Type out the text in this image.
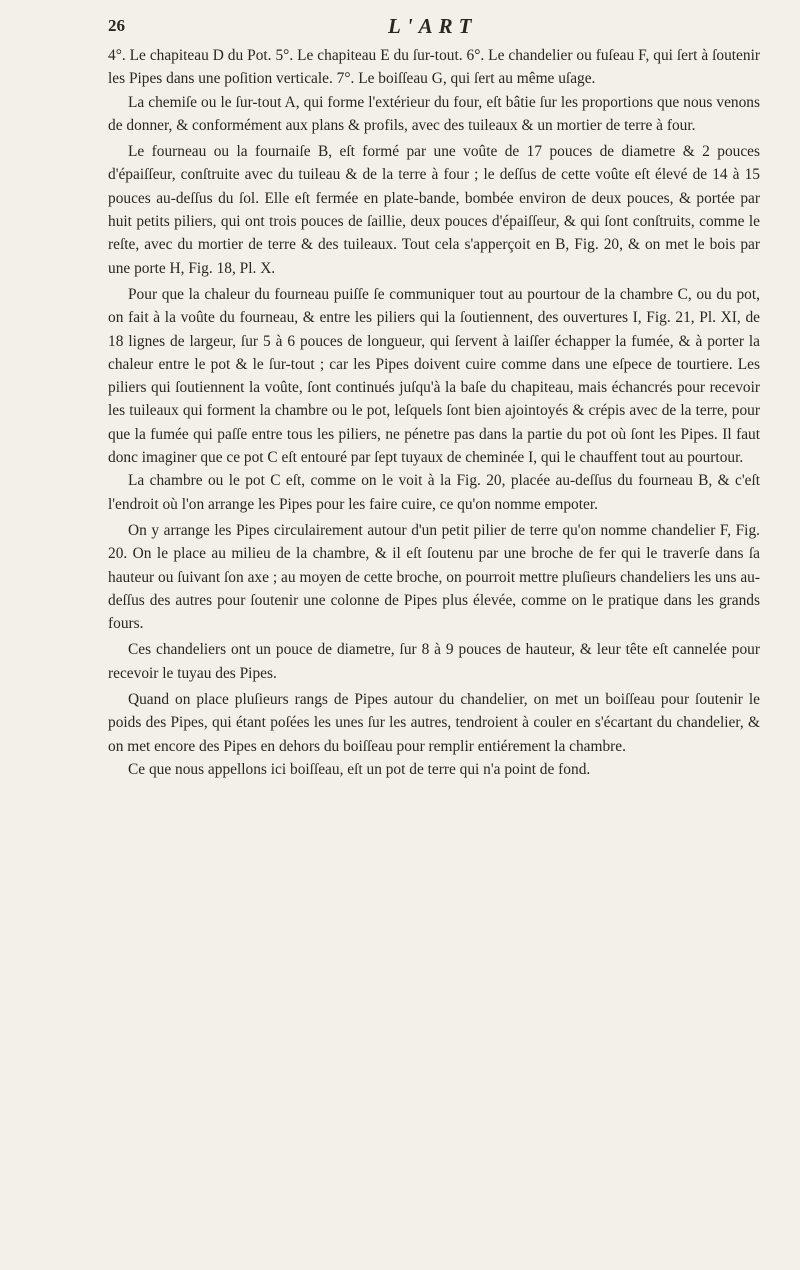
26	L'ART

4°. Le chapiteau D du Pot. 5°. Le chapiteau E du ſur-tout. 6°. Le chandelier ou fuſeau F, qui ſert à ſoutenir les Pipes dans une poſition verticale. 7°. Le boiſſeau G, qui ſert au même uſage.

La chemiſe ou le ſur-tout A, qui forme l'extérieur du four, eſt bâtie ſur les proportions que nous venons de donner, & conformément aux plans & profils, avec des tuileaux & un mortier de terre à four.

Le fourneau ou la fournaiſe B, eſt formé par une voûte de 17 pouces de diametre & 2 pouces d'épaiſſeur, conſtruite avec du tuileau & de la terre à four ; le deſſus de cette voûte eſt élevé de 14 à 15 pouces au-deſſus du ſol. Elle eſt fermée en plate-bande, bombée environ de deux pouces, & portée par huit petits piliers, qui ont trois pouces de ſaillie, deux pouces d'épaiſſeur, & qui ſont conſtruits, comme le reſte, avec du mortier de terre & des tuileaux. Tout cela s'apperçoit en B, Fig. 20, & on met le bois par une porte H, Fig. 18, Pl. X.

Pour que la chaleur du fourneau puiſſe ſe communiquer tout au pourtour de la chambre C, ou du pot, on fait à la voûte du fourneau, & entre les piliers qui la ſoutiennent, des ouvertures I, Fig. 21, Pl. XI, de 18 lignes de largeur, ſur 5 à 6 pouces de longueur, qui ſervent à laiſſer échapper la fumée, & à porter la chaleur entre le pot & le ſur-tout ; car les Pipes doivent cuire comme dans une eſpece de tourtiere. Les piliers qui ſoutiennent la voûte, ſont continués juſqu'à la baſe du chapiteau, mais échancrés pour recevoir les tuileaux qui forment la chambre ou le pot, leſquels ſont bien ajointoyés & crépis avec de la terre, pour que la fumée qui paſſe entre tous les piliers, ne pénetre pas dans la partie du pot où ſont les Pipes. Il faut donc imaginer que ce pot C eſt entouré par ſept tuyaux de cheminée I, qui le chauffent tout au pourtour.

La chambre ou le pot C eſt, comme on le voit à la Fig. 20, placée au-deſſus du fourneau B, & c'eſt l'endroit où l'on arrange les Pipes pour les faire cuire, ce qu'on nomme empoter.

On y arrange les Pipes circulairement autour d'un petit pilier de terre qu'on nomme chandelier F, Fig. 20. On le place au milieu de la chambre, & il eſt ſoutenu par une broche de fer qui le traverſe dans ſa hauteur ou ſuivant ſon axe ; au moyen de cette broche, on pourroit mettre pluſieurs chandeliers les uns au-deſſus des autres pour ſoutenir une colonne de Pipes plus élevée, comme on le pratique dans les grands fours.

Ces chandeliers ont un pouce de diametre, ſur 8 à 9 pouces de hauteur, & leur tête eſt cannelée pour recevoir le tuyau des Pipes.

Quand on place pluſieurs rangs de Pipes autour du chandelier, on met un boiſſeau pour ſoutenir le poids des Pipes, qui étant poſées les unes ſur les autres, tendroient à couler en s'écartant du chandelier, & on met encore des Pipes en dehors du boiſſeau pour remplir entiérement la chambre.

Ce que nous appellons ici boiſſeau, eſt un pot de terre qui n'a point de fond.
